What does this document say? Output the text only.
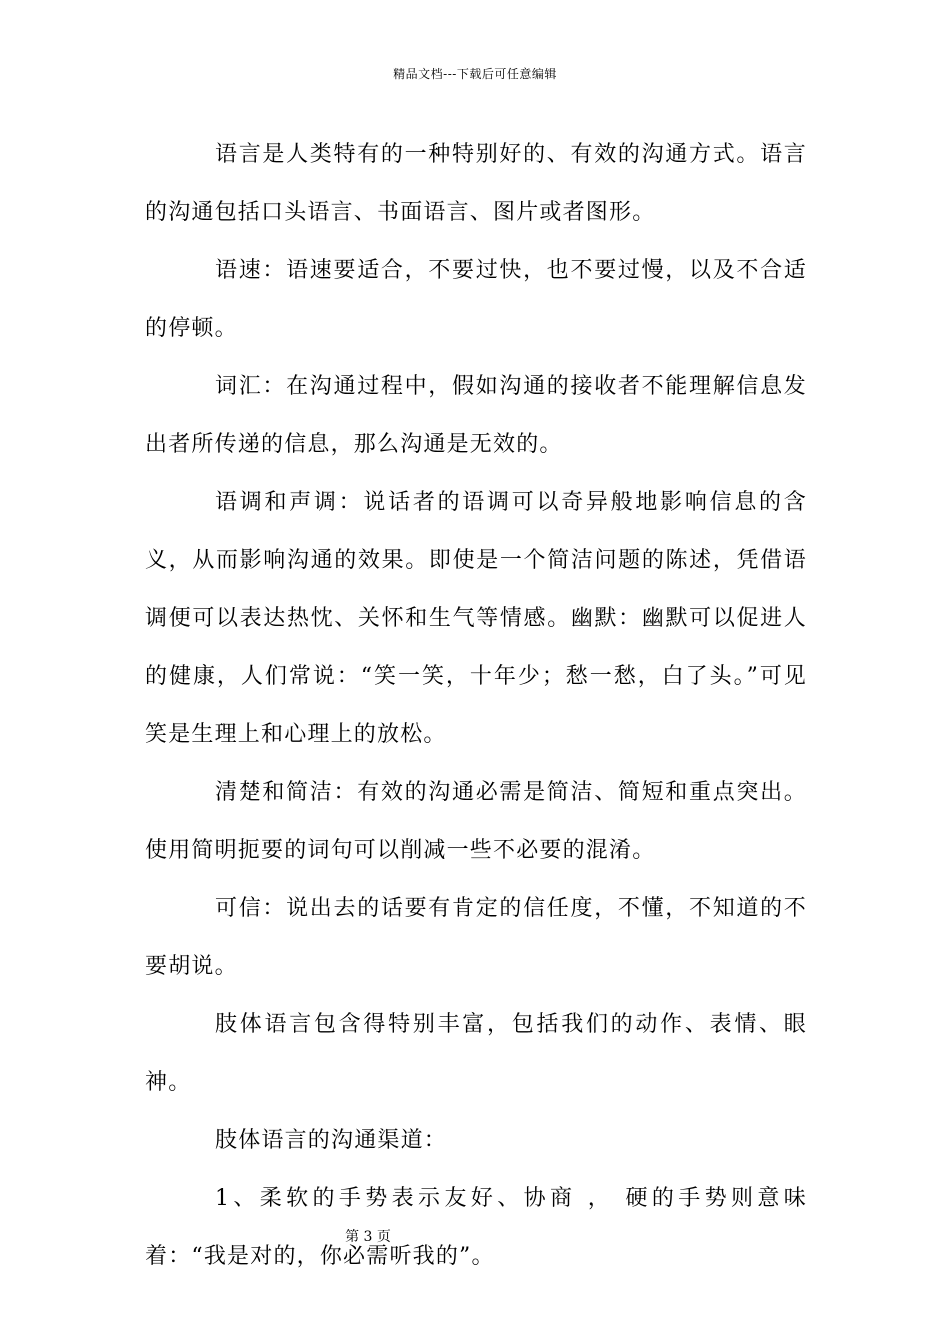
精品文档---下载后可任意编辑

语言是人类特有的一种特别好的、有效的沟通方式。语言的沟通包括口头语言、书面语言、图片或者图形。

语速：语速要适合，不要过快，也不要过慢，以及不合适的停顿。

词汇：在沟通过程中，假如沟通的接收者不能理解信息发出者所传递的信息，那么沟通是无效的。

语调和声调：说话者的语调可以奇异般地影响信息的含义，从而影响沟通的效果。即使是一个简洁问题的陈述，凭借语调便可以表达热忱、关怀和生气等情感。幽默：幽默可以促进人的健康，人们常说：“笑一笑，十年少；愁一愁，白了头。”可见笑是生理上和心理上的放松。

清楚和简洁：有效的沟通必需是简洁、简短和重点突出。使用简明扼要的词句可以削减一些不必要的混淆。

可信：说出去的话要有肯定的信任度，不懂，不知道的不要胡说。

肢体语言包含得特别丰富，包括我们的动作、表情、眼神。

肢体语言的沟通渠道：

1、柔软的手势表示友好、协商 ， 硬的手势则意味着：“我是对的，你必需听我的”。

第 3 页
